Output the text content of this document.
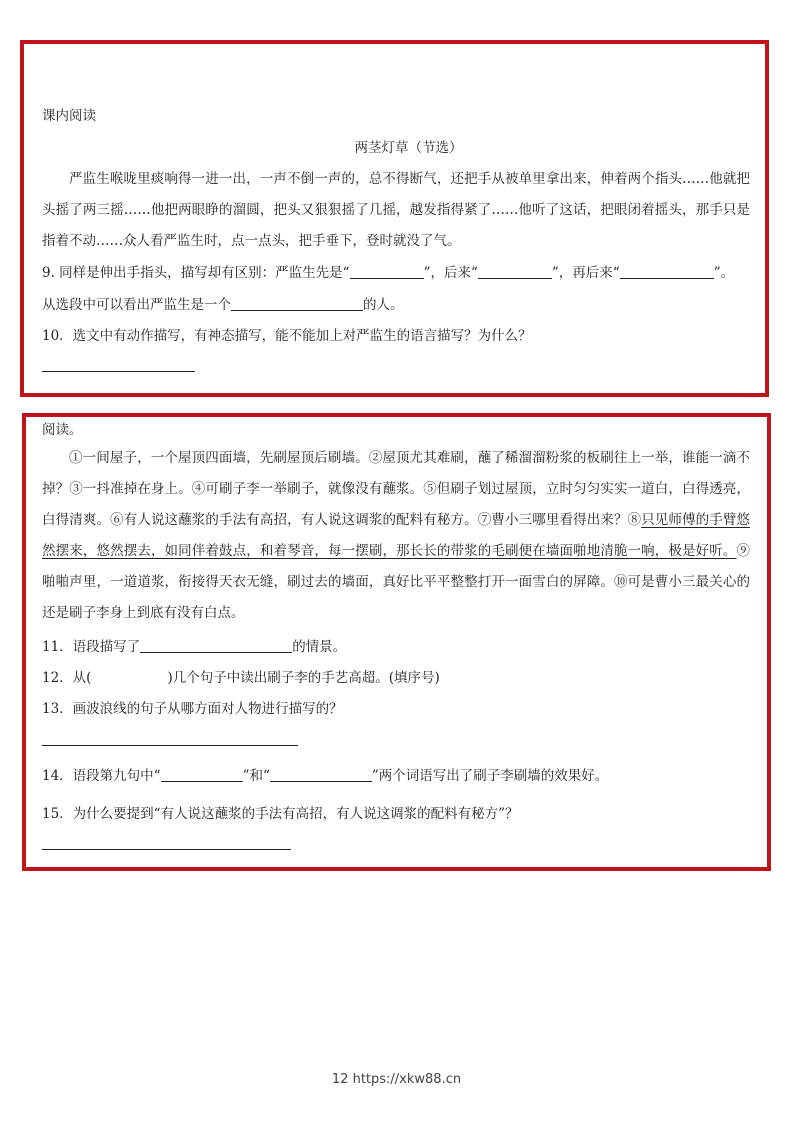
课内阅读
两茎灯草（节选）
严监生喉咙里痰响得一进一出，一声不倒一声的，总不得断气，还把手从被单里拿出来，伸着两个指头……他就把头摇了两三摇……他把两眼睁的溜圆，把头又狠狠摇了几摇，越发指得紧了……他听了这话，把眼闭着摇头，那手只是指着不动……众人看严监生时，点一点头，把手垂下，登时就没了气。
9. 同样是伸出手指头，描写却有区别：严监生先是“	”，后来“	”，再后来“	”。
从选段中可以看出严监生是一个	的人。
10．选文中有动作描写，有神态描写，能不能加上对严监生的语言描写？为什么？
阅读。
①一间屋子，一个屋顶四面墙，先刷屋顶后刷墙。②屋顶尤其难刷，蘸了稀溜溜粉浆的板刷往上一举，谁能一滴不掉？③一抖准掉在身上。④可刷子李一举刷子，就像没有蘸浆。⑤但刷子划过屋顶，立时匀匀实实一道白，白得透亮，白得清爽。⑥有人说这蘸浆的手法有高招，有人说这调浆的配料有秘方。⑦曹小三哪里看得出来？⑧只见师傅的手臂悠然摆来，悠然摆去，如同伴着鼓点，和着琴音，每一摆刷，那长长的带浆的毛刷便在墙面啪地清脆一响，极是好听。⑨啪啪声里，一道道浆，衔接得天衣无缝，刷过去的墙面，真好比平平整整打开一面雪白的屏障。⑩可是曹小三最关心的还是刷子李身上到底有没有白点。
11．语段描写了	的情景。
12．从(	)几个句子中读出刷子李的手艺高超。(填序号)
13．画波浪线的句子从哪方面对人物进行描写的？
14．语段第九句中“	”和“	”两个词语写出了刷子李刷墙的效果好。
15．为什么要提到“有人说这蘸浆的手法有高招，有人说这调浆的配料有秘方”？
12 https://xkw88.cn
